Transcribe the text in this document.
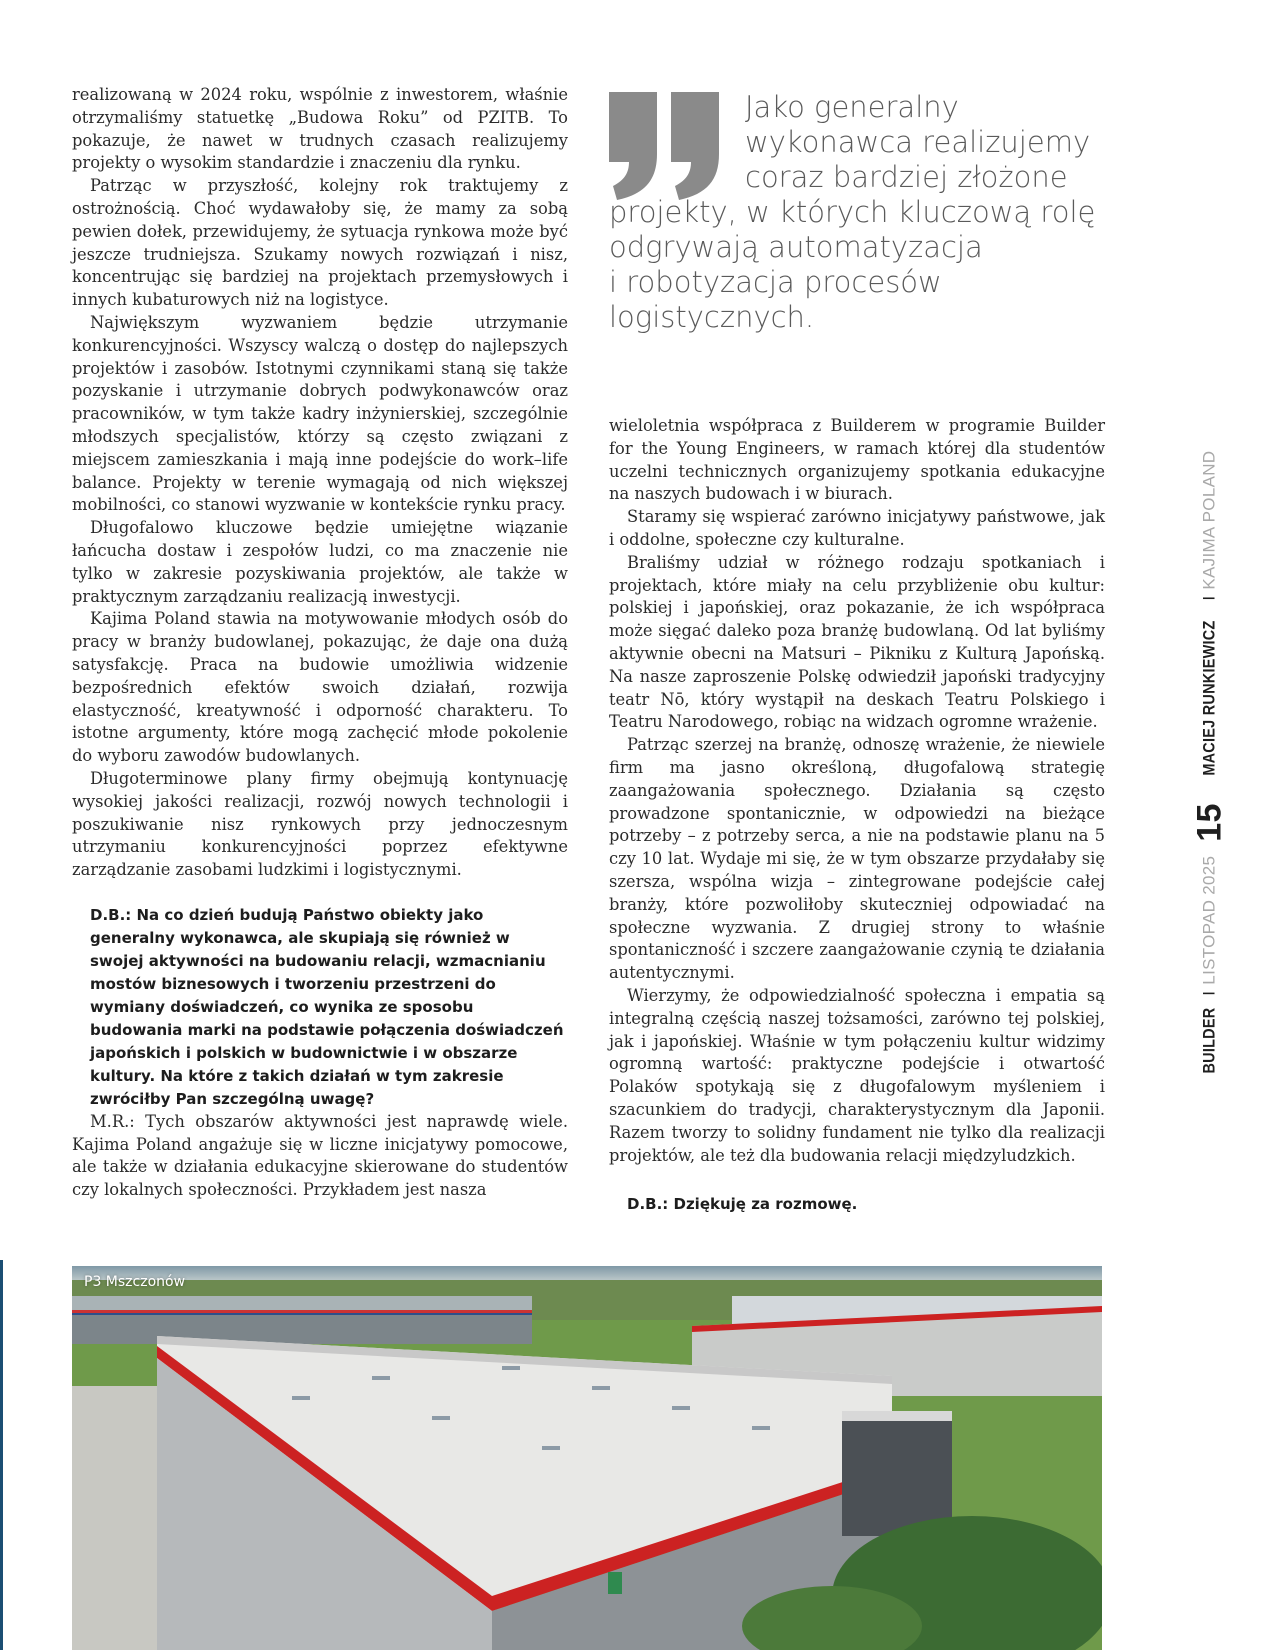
realizowaną w 2024 roku, wspólnie z inwestorem, właśnie otrzymaliśmy statuetkę „Budowa Roku” od PZITB. To pokazuje, że nawet w trudnych czasach realizujemy projekty o wysokim standardzie i znaczeniu dla rynku.

Patrząc w przyszłość, kolejny rok traktujemy z ostrożnością. Choć wydawałoby się, że mamy za sobą pewien dołek, przewidujemy, że sytuacja rynkowa może być jeszcze trudniejsza. Szukamy nowych rozwiązań i nisz, koncentrując się bardziej na projektach przemysłowych i innych kubaturowych niż na logistyce.

Największym wyzwaniem będzie utrzymanie konkurencyjności. Wszyscy walczą o dostęp do najlepszych projektów i zasobów. Istotnymi czynnikami staną się także pozyskanie i utrzymanie dobrych podwykonawców oraz pracowników, w tym także kadry inżynierskiej, szczególnie młodszych specjalistów, którzy są często związani z miejscem zamieszkania i mają inne podejście do work–life balance. Projekty w terenie wymagają od nich większej mobilności, co stanowi wyzwanie w kontekście rynku pracy.

Długofalowo kluczowe będzie umiejętne wiązanie łańcucha dostaw i zespołów ludzi, co ma znaczenie nie tylko w zakresie pozyskiwania projektów, ale także w praktycznym zarządzaniu realizacją inwestycji.

Kajima Poland stawia na motywowanie młodych osób do pracy w branży budowlanej, pokazując, że daje ona dużą satysfakcję. Praca na budowie umożliwia widzenie bezpośrednich efektów swoich działań, rozwija elastyczność, kreatywność i odporność charakteru. To istotne argumenty, które mogą zachęcić młode pokolenie do wyboru zawodów budowlanych.

Długoterminowe plany firmy obejmują kontynuację wysokiej jakości realizacji, rozwój nowych technologii i poszukiwanie nisz rynkowych przy jednoczesnym utrzymaniu konkurencyjności poprzez efektywne zarządzanie zasobami ludzkimi i logistycznymi.

D.B.: Na co dzień budują Państwo obiekty jako generalny wykonawca, ale skupiają się również w swojej aktywności na budowaniu relacji, wzmacnianiu mostów biznesowych i tworzeniu przestrzeni do wymiany doświadczeń, co wynika ze sposobu budowania marki na podstawie połączenia doświadczeń japońskich i polskich w budownictwie i w obszarze kultury. Na które z takich działań w tym zakresie zwróciłby Pan szczególną uwagę?

M.R.: Tych obszarów aktywności jest naprawdę wiele. Kajima Poland angażuje się w liczne inicjatywy pomocowe, ale także w działania edukacyjne skierowane do studentów czy lokalnych społeczności. Przykładem jest nasza

projekty, w których kluczową rolę
odgrywają automatyzacja
i robotyzacja procesów
logistycznych.
Jako generalny
wykonawca realizujemy
coraz bardziej złożone

wieloletnia współpraca z Builderem w programie Builder for the Young Engineers, w ramach której dla studentów uczelni technicznych organizujemy spotkania edukacyjne na naszych budowach i w biurach.

Staramy się wspierać zarówno inicjatywy państwowe, jak i oddolne, społeczne czy kulturalne.

Braliśmy udział w różnego rodzaju spotkaniach i projektach, które miały na celu przybliżenie obu kultur: polskiej i japońskiej, oraz pokazanie, że ich współpraca może sięgać daleko poza branżę budowlaną. Od lat byliśmy aktywnie obecni na Matsuri – Pikniku z Kulturą Japońską. Na nasze zaproszenie Polskę odwiedził japoński tradycyjny teatr Nō, który wystąpił na deskach Teatru Polskiego i Teatru Narodowego, robiąc na widzach ogromne wrażenie.

Patrząc szerzej na branżę, odnoszę wrażenie, że niewiele firm ma jasno określoną, długofalową strategię zaangażowania społecznego. Działania są często prowadzone spontanicznie, w odpowiedzi na bieżące potrzeby – z potrzeby serca, a nie na podstawie planu na 5 czy 10 lat. Wydaje mi się, że w tym obszarze przydałaby się szersza, wspólna wizja – zintegrowane podejście całej branży, które pozwoliłoby skuteczniej odpowiadać na społeczne wyzwania. Z drugiej strony to właśnie spontaniczność i szczere zaangażowanie czynią te działania autentycznymi.

Wierzymy, że odpowiedzialność społeczna i empatia są integralną częścią naszej tożsamości, zarówno tej polskiej, jak i japońskiej. Właśnie w tym połączeniu kultur widzimy ogromną wartość: praktyczne podejście i otwartość Polaków spotykają się z długofalowym myśleniem i szacunkiem do tradycji, charakterystycznym dla Japonii. Razem tworzy to solidny fundament nie tylko dla realizacji projektów, ale też dla budowania relacji międzyludzkich.

D.B.: Dziękuję za rozmowę.

BUILDERILISTOPAD 202515MACIEJ RUNKIEWICZIKAJIMA POLAND
P3 Mszczonów
